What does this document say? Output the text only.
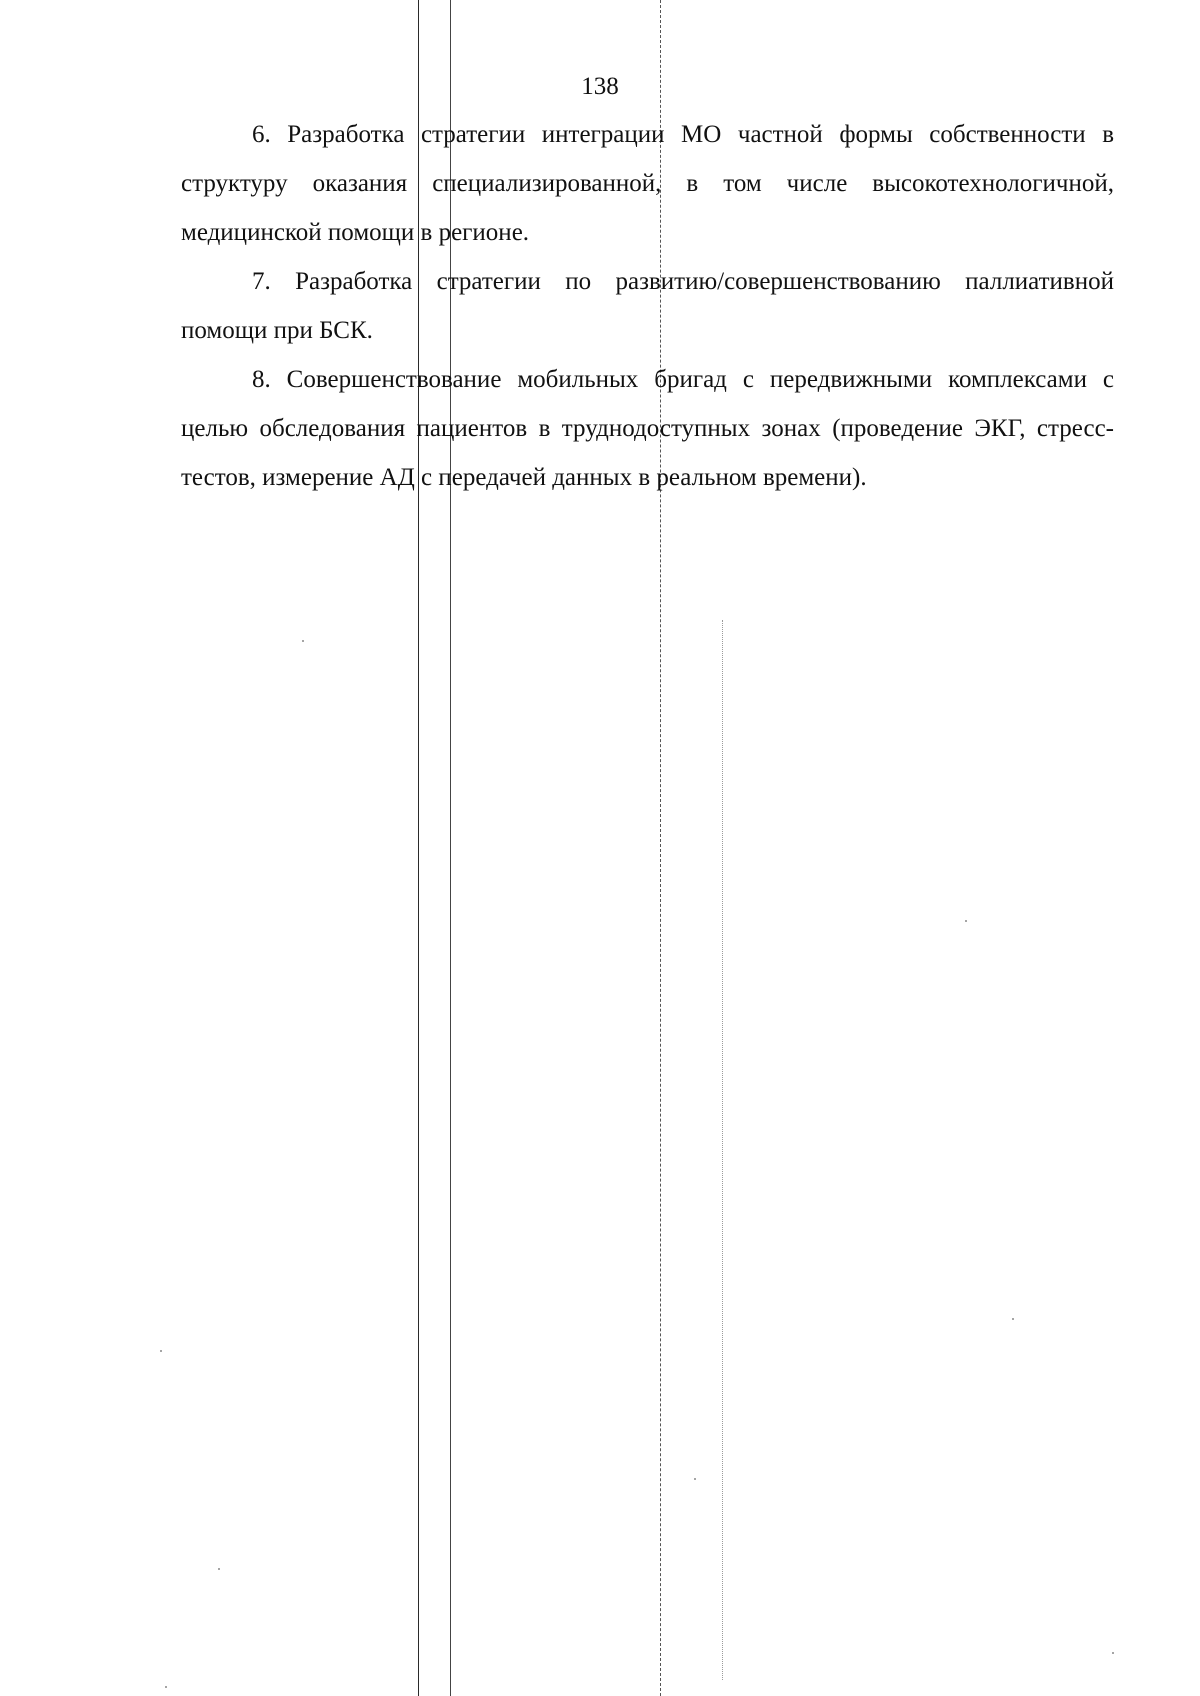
138

6. Разработка стратегии интеграции МО частной формы собственности в структуру оказания специализированной, в том числе высокотехнологичной, медицинской помощи в регионе.

7. Разработка стратегии по развитию/совершенствованию паллиативной помощи при БСК.

8. Совершенствование мобильных бригад с передвижными комплексами с целью обследования пациентов в труднодоступных зонах (проведение ЭКГ, стресс-тестов, измерение АД с передачей данных в реальном времени).
